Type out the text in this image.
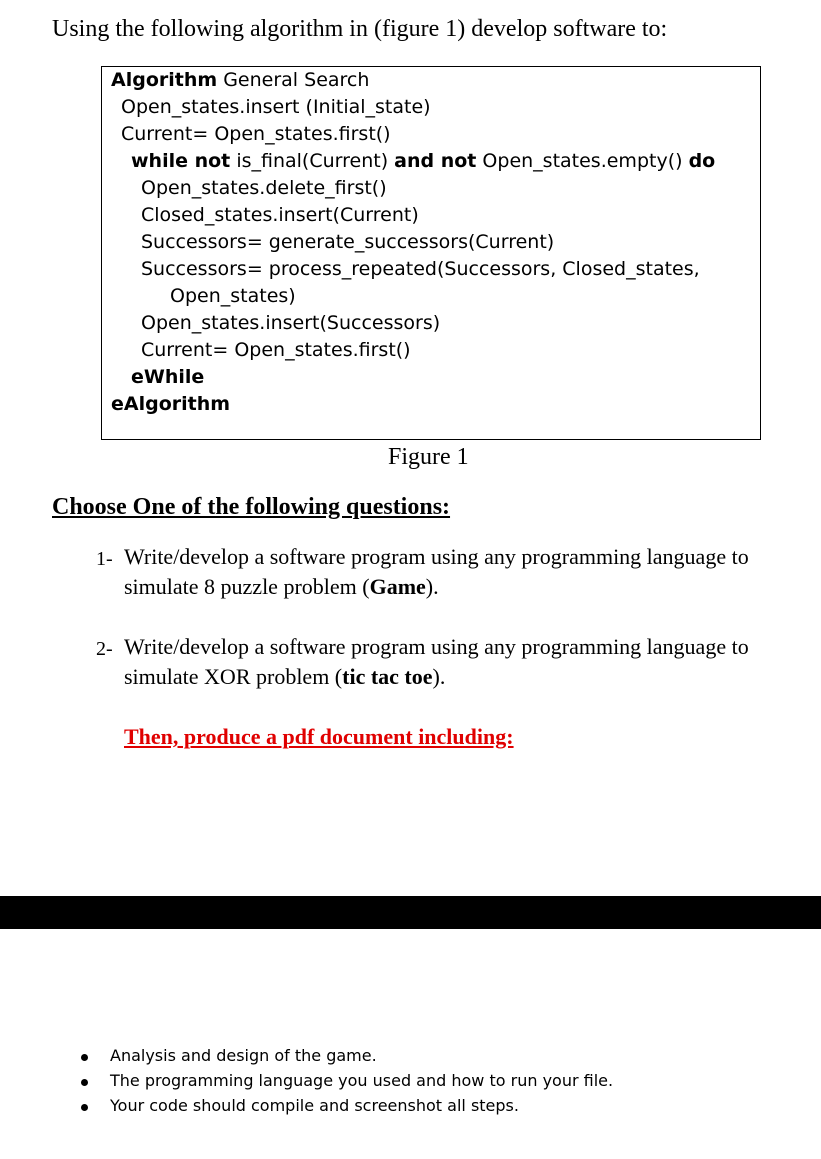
Using the following algorithm in (figure 1) develop software to:
Algorithm General Search
Open_states.insert (Initial_state)
Current= Open_states.first()
while not is_final(Current) and not Open_states.empty() do
Open_states.delete_first()
Closed_states.insert(Current)
Successors= generate_successors(Current)
Successors= process_repeated(Successors, Closed_states,
Open_states)
Open_states.insert(Successors)
Current= Open_states.first()
eWhile
eAlgorithm
Figure 1
Choose One of the following questions:
1- Write/develop a software program using any programming language to
simulate 8 puzzle problem (Game).
2- Write/develop a software program using any programming language to
simulate XOR problem (tic tac toe).
Then, produce a pdf document including:
Analysis and design of the game.
The programming language you used and how to run your file.
Your code should compile and screenshot all steps.
